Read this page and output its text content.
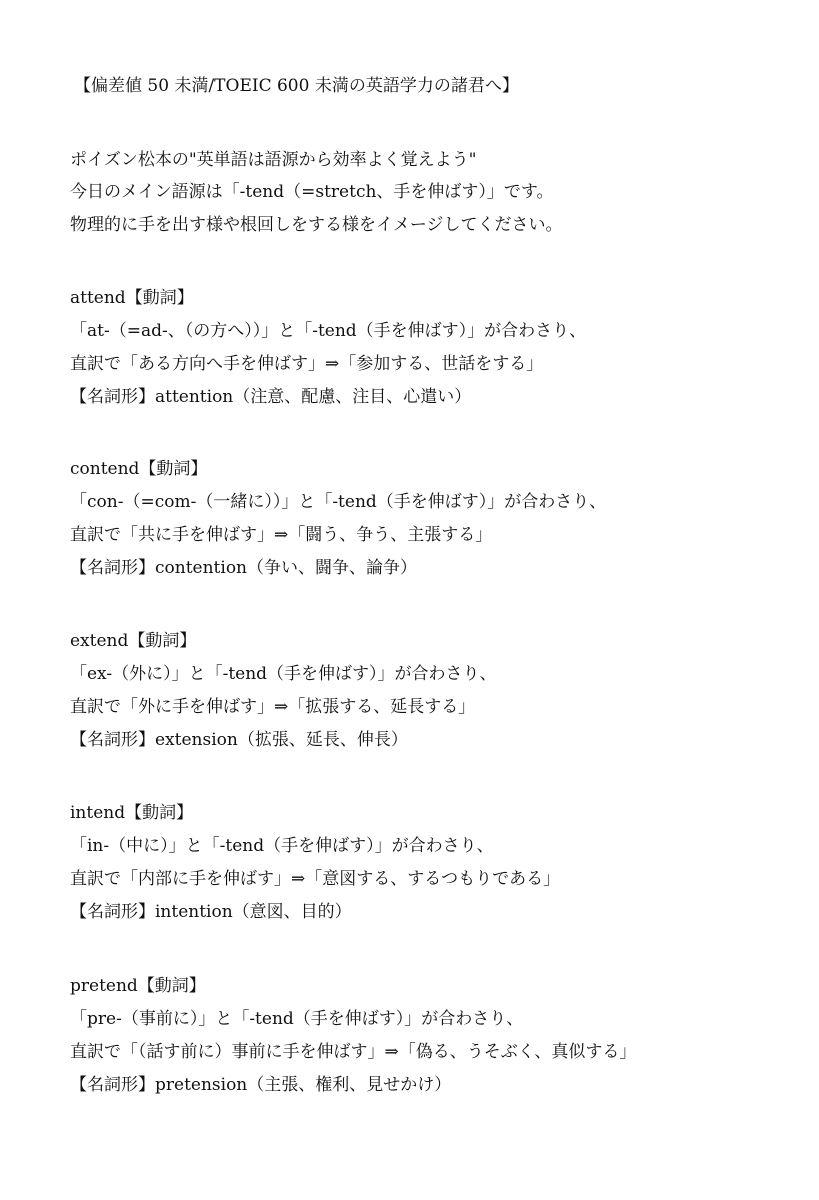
【偏差値 50 未満/TOEIC 600 未満の英語学力の諸君へ】

ポイズン松本の"英単語は語源から効率よく覚えよう"

今日のメイン語源は「-tend（=stretch、手を伸ばす）」です。

物理的に手を出す様や根回しをする様をイメージしてください。

attend【動詞】

「at-（=ad-、（の方へ））」と「-tend（手を伸ばす）」が合わさり、

直訳で「ある方向へ手を伸ばす」⇒「参加する、世話をする」

【名詞形】attention（注意、配慮、注目、心遣い）

contend【動詞】

「con-（=com-（一緒に））」と「-tend（手を伸ばす）」が合わさり、

直訳で「共に手を伸ばす」⇒「闘う、争う、主張する」

【名詞形】contention（争い、闘争、論争）

extend【動詞】

「ex-（外に）」と「-tend（手を伸ばす）」が合わさり、

直訳で「外に手を伸ばす」⇒「拡張する、延長する」

【名詞形】extension（拡張、延長、伸長）

intend【動詞】

「in-（中に）」と「-tend（手を伸ばす）」が合わさり、

直訳で「内部に手を伸ばす」⇒「意図する、するつもりである」

【名詞形】intention（意図、目的）

pretend【動詞】

「pre-（事前に）」と「-tend（手を伸ばす）」が合わさり、

直訳で「（話す前に）事前に手を伸ばす」⇒「偽る、うそぶく、真似する」

【名詞形】pretension（主張、権利、見せかけ）
